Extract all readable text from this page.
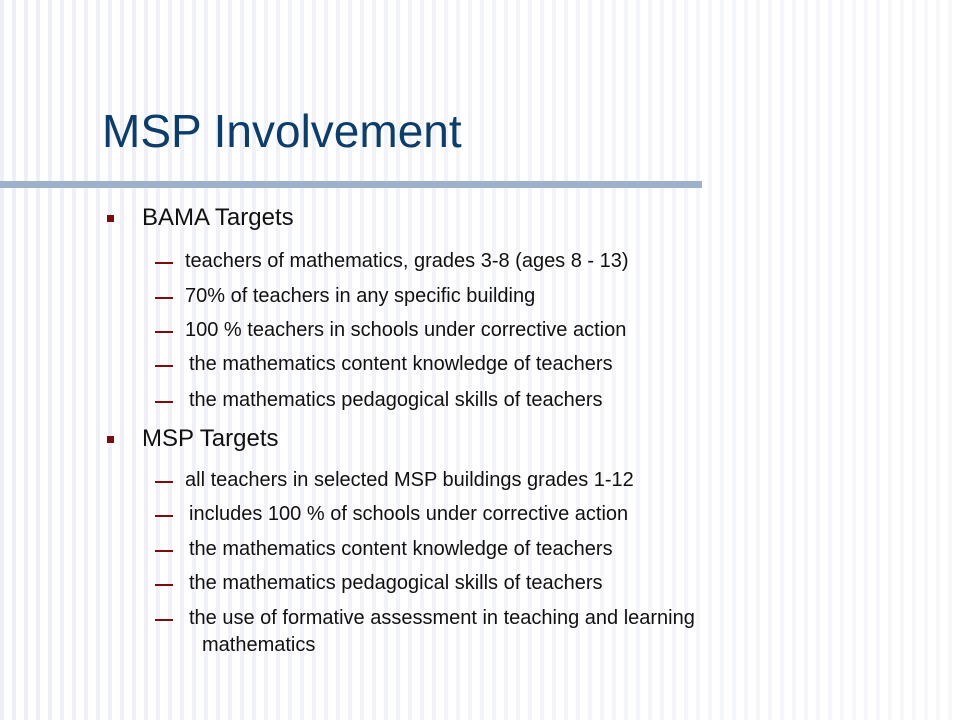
MSP Involvement
BAMA Targets
teachers of mathematics, grades 3-8 (ages 8 - 13)
70% of teachers in any specific building
100 % teachers in schools under corrective action
the mathematics content knowledge of teachers
the mathematics pedagogical skills of teachers
MSP Targets
all teachers in selected MSP buildings grades 1-12
includes 100 % of schools under corrective action
the mathematics content knowledge of teachers
the mathematics pedagogical skills of teachers
the use of formative assessment in teaching and learning
mathematics
